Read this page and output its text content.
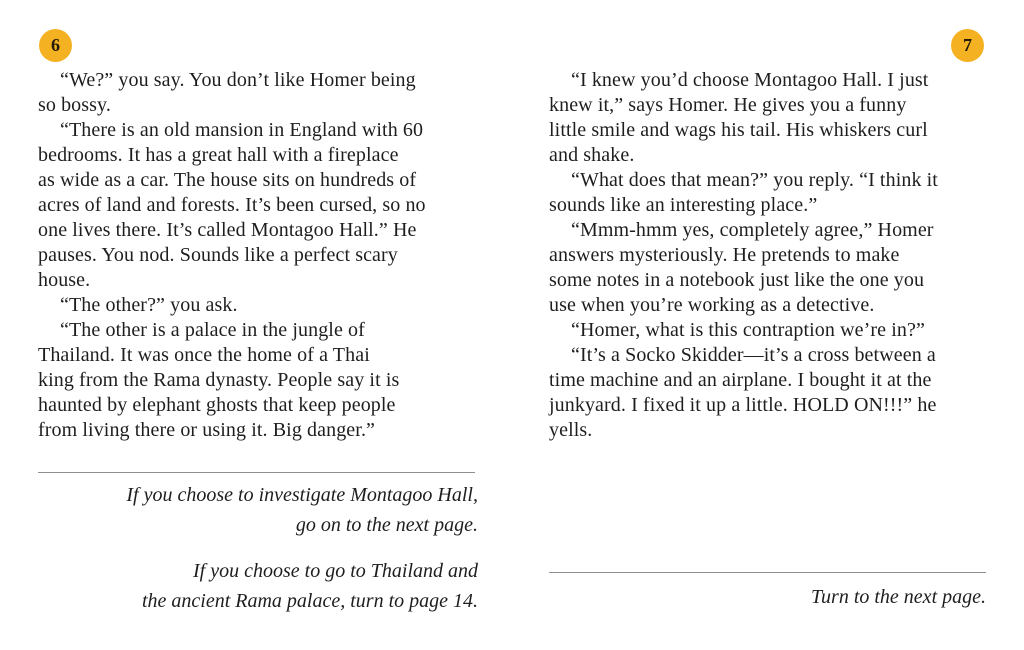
6	7
“We?” you say. You don’t like Homer being
so bossy.
“There is an old mansion in England with 60
bedrooms. It has a great hall with a fireplace
as wide as a car. The house sits on hundreds of
acres of land and forests. It’s been cursed, so no
one lives there. It’s called Montagoo Hall.” He
pauses. You nod. Sounds like a perfect scary
house.
“The other?” you ask.
“The other is a palace in the jungle of
Thailand. It was once the home of a Thai
king from the Rama dynasty. People say it is
haunted by elephant ghosts that keep people
from living there or using it. Big danger.”
If you choose to investigate Montagoo Hall,
go on to the next page.
If you choose to go to Thailand and
the ancient Rama palace, turn to page 14.
“I knew you’d choose Montagoo Hall. I just
knew it,” says Homer. He gives you a funny
little smile and wags his tail. His whiskers curl
and shake.
“What does that mean?” you reply. “I think it
sounds like an interesting place.”
“Mmm-hmm yes, completely agree,” Homer
answers mysteriously. He pretends to make
some notes in a notebook just like the one you
use when you’re working as a detective.
“Homer, what is this contraption we’re in?”
“It’s a Socko Skidder—it’s a cross between a
time machine and an airplane. I bought it at the
junkyard. I fixed it up a little. HOLD ON!!!” he
yells.
Turn to the next page.
